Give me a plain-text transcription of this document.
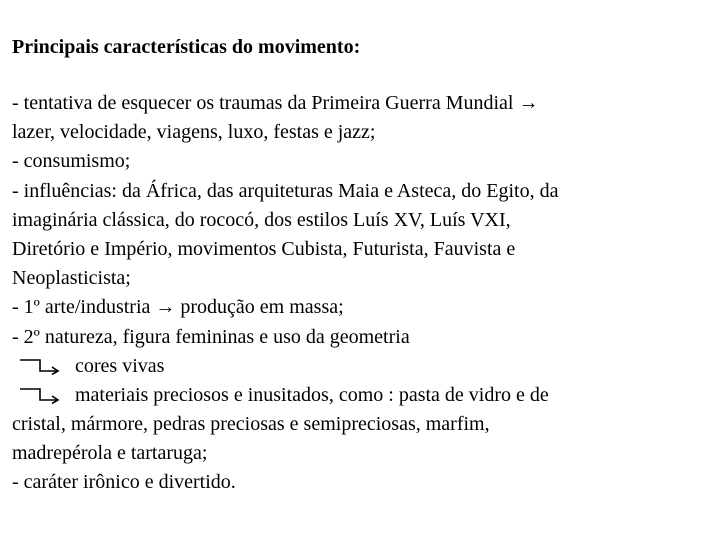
Principais características do movimento:
- tentativa de esquecer os traumas da Primeira Guerra Mundial →
lazer, velocidade, viagens, luxo, festas e jazz;
- consumismo;
- influências: da África, das arquiteturas Maia e Asteca, do Egito, da
imaginária clássica, do rococó, dos estilos Luís XV, Luís VXI,
Diretório e Império, movimentos Cubista, Futurista, Fauvista e
Neoplasticista;
- 1º arte/industria → produção em massa;
- 2º natureza, figura femininas e uso da geometria
cores vivas
materiais preciosos e inusitados, como : pasta de vidro e de
cristal, mármore, pedras preciosas e semipreciosas, marfim,
madrepérola e tartaruga;
- caráter irônico e divertido.
